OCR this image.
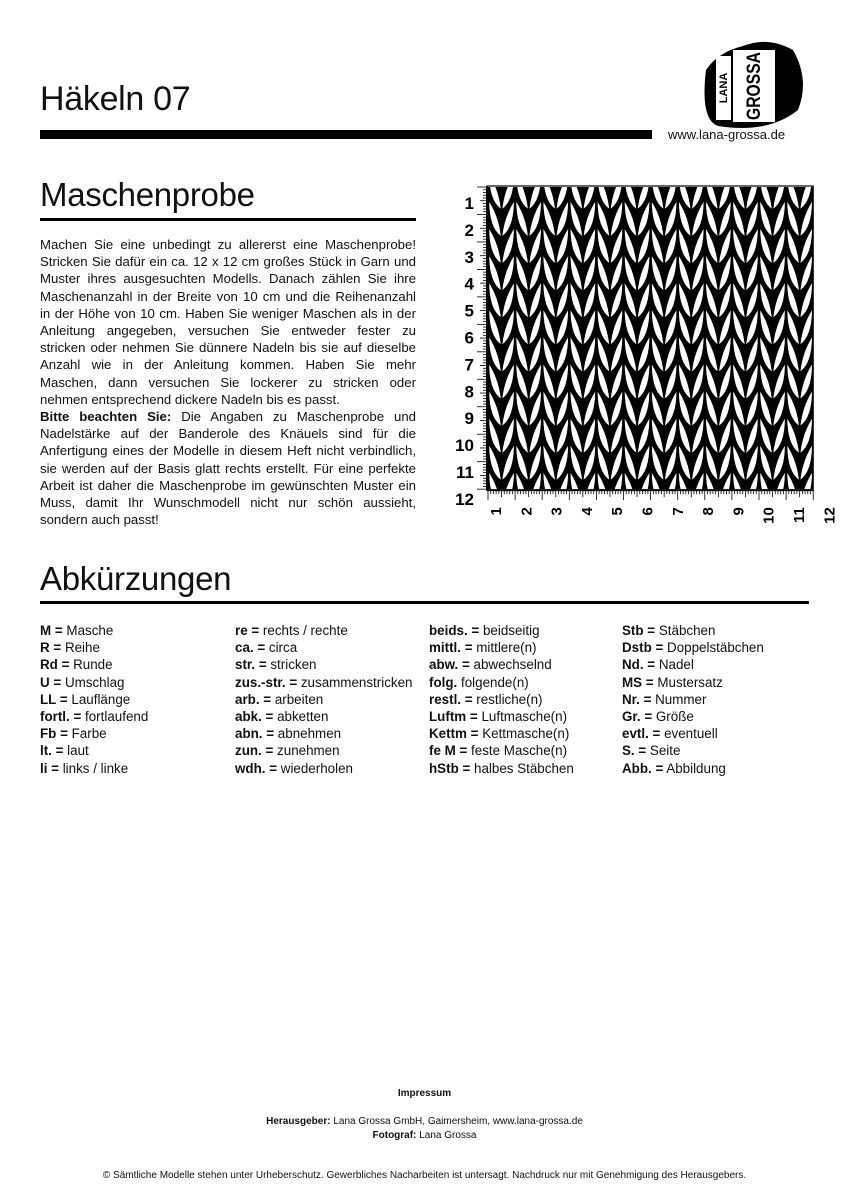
Häkeln 07	LANA GROSSA
www.lana-grossa.de
Maschenprobe
Machen Sie eine unbedingt zu allererst eine Maschenprobe! Stricken Sie dafür ein ca. 12 x 12 cm großes Stück in Garn und Muster ihres ausgesuchten Modells. Danach zählen Sie ihre Maschenanzahl in der Breite von 10 cm und die Reihenanzahl in der Höhe von 10 cm. Haben Sie weniger Maschen als in der Anleitung angegeben, versuchen Sie entweder fester zu stricken oder nehmen Sie dünnere Nadeln bis sie auf dieselbe Anzahl wie in der Anleitung kommen. Haben Sie mehr Maschen, dann versuchen Sie lockerer zu stricken oder nehmen entsprechend dickere Nadeln bis es passt.
Bitte beachten Sie: Die Angaben zu Maschenprobe und Nadelstärke auf der Banderole des Knäuels sind für die Anfertigung eines der Modelle in diesem Heft nicht verbindlich, sie werden auf der Basis glatt rechts erstellt. Für eine perfekte Arbeit ist daher die Maschenprobe im gewünschten Muster ein Muss, damit Ihr Wunschmodell nicht nur schön aussieht, sondern auch passt!
1
2
3
4
5
6
7
8
9
10
11
12
1 2 3 4 5 6 7 8 9 10 11 12
Abkürzungen
M = Masche
R = Reihe
Rd = Runde
U = Umschlag
LL = Lauflänge
fortl. = fortlaufend
Fb = Farbe
lt. = laut
li = links / linke
re = rechts / rechte
ca. = circa
str. = stricken
zus.-str. = zusammenstricken
arb. = arbeiten
abk. = abketten
abn. = abnehmen
zun. = zunehmen
wdh. = wiederholen
beids. = beidseitig
mittl. = mittlere(n)
abw. = abwechselnd
folg. folgende(n)
restl. = restliche(n)
Luftm = Luftmasche(n)
Kettm = Kettmasche(n)
fe M = feste Masche(n)
hStb = halbes Stäbchen
Stb = Stäbchen
Dstb = Doppelstäbchen
Nd. = Nadel
MS = Mustersatz
Nr. = Nummer
Gr. = Größe
evtl. = eventuell
S. = Seite
Abb. = Abbildung
Impressum
Herausgeber: Lana Grossa GmbH, Gaimersheim, www.lana-grossa.de
Fotograf: Lana Grossa
© Sämtliche Modelle stehen unter Urheberschutz. Gewerbliches Nacharbeiten ist untersagt. Nachdruck nur mit Genehmigung des Herausgebers.
